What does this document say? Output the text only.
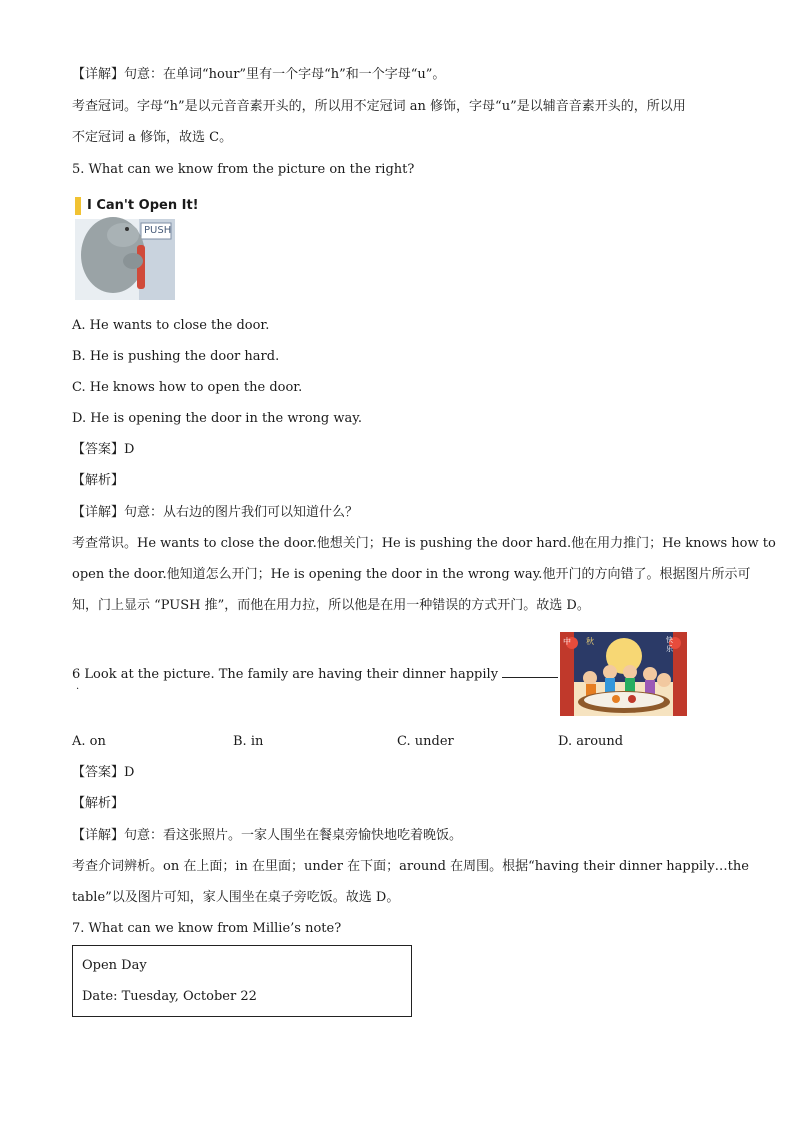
【详解】句意：在单词“hour”里有一个字母“h”和一个字母“u”。
考查冠词。字母“h”是以元音音素开头的，所以用不定冠词 an 修饰，字母“u”是以辅音音素开头的，所以用
不定冠词 a 修饰，故选 C。
5. What can we know from the picture on the right?
I Can't Open It!
PUSH
A. He wants to close the door.
B. He is pushing the door hard.
C. He knows how to open the door.
D. He is opening the door in the wrong way.
【答案】D
【解析】
【详解】句意：从右边的图片我们可以知道什么？
考查常识。He wants to close the door.他想关门；He is pushing the door hard.他在用力推门；He knows how to
open the door.他知道怎么开门；He is opening the door in the wrong way.他开门的方向错了。根据图片所示可
知，门上显示 “PUSH 推”，而他在用力拉，所以他是在用一种错误的方式开门。故选 D。
6 Look at the picture. The family are having their dinner happily
.
中 秋	快乐
A. on	B. in	C. under	D. around
【答案】D
【解析】
【详解】句意：看这张照片。一家人围坐在餐桌旁愉快地吃着晚饭。
考查介词辨析。on 在上面；in 在里面；under 在下面；around 在周围。根据“having their dinner happily…the
table”以及图片可知，家人围坐在桌子旁吃饭。故选 D。
7. What can we know from Millie’s note?
Open Day
Date: Tuesday, October 22
